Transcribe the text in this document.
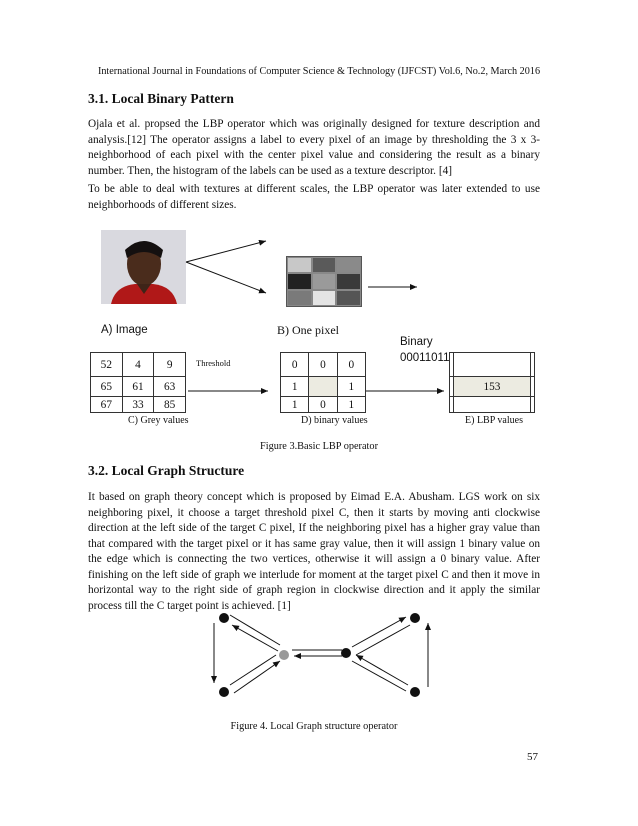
International Journal in Foundations of Computer Science & Technology (IJFCST) Vol.6, No.2, March 2016
3.1. Local Binary Pattern

Ojala et al. propsed the LBP operator which was originally designed for texture description and analysis.[12] The operator assigns a label to every pixel of an image by thresholding the 3 x 3-neighborhood of each pixel with the center pixel value and considering the result as a binary number. Then, the histogram of the labels can be used as a texture descriptor. [4]

To be able to deal with textures at different scales, the LBP operator was later extended to use neighborhoods of different sizes.

A) Image	B) One pixel
Binary
00011011
Threshold
52	4	9
65	61	63
67	33	85
0	0	0
1		1
1	0	1

	153	

C) Grey values	D) binary values	E) LBP values
Figure 3.Basic LBP operator
3.2. Local Graph Structure

It based on graph theory concept which is proposed by Eimad E.A. Abusham. LGS work on six neighboring pixel, it choose a target threshold pixel C, then it starts by moving anti clockwise direction at the left side of the target C pixel, If the neighboring pixel has a higher gray value than that compared with the target pixel or it has same gray value, then it will assign 1 binary value on the edge which is connecting the two vertices, otherwise it will assign a 0 binary value. After finishing on the left side of graph we interlude for moment at the target pixel C and then it move in horizontal way to the right side of graph region in clockwise direction and it apply the similar process till the C target point is achieved. [1]

Figure 4. Local Graph structure operator
57
